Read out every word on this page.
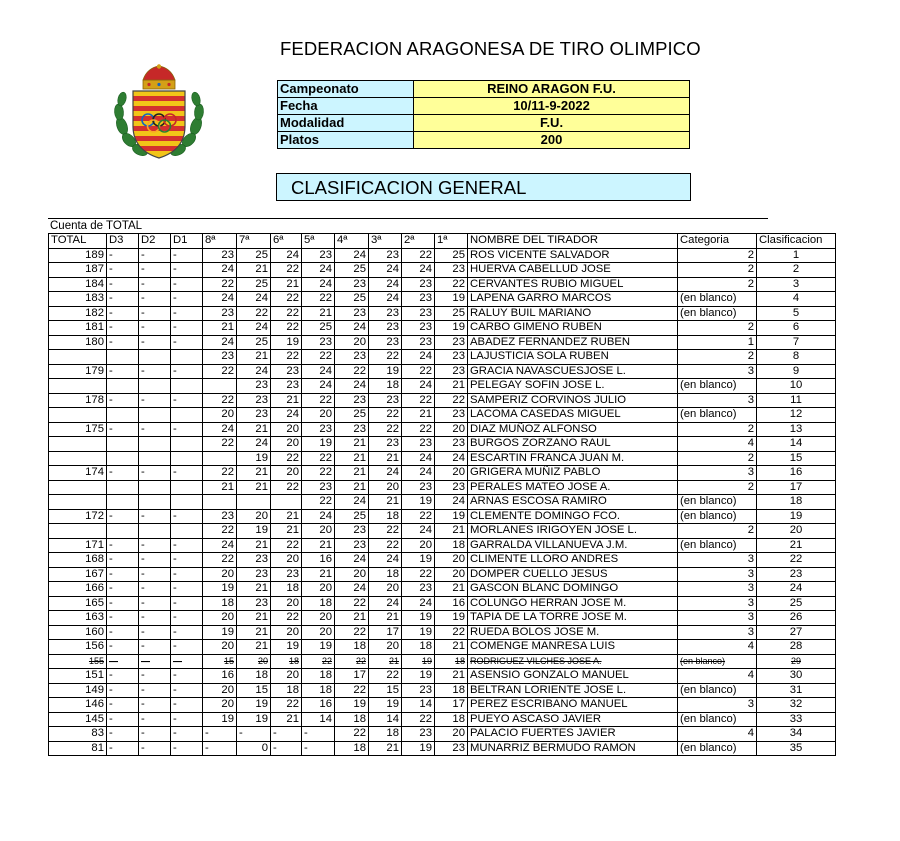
FEDERACION ARAGONESA DE TIRO OLIMPICO
Campeonato	REINO ARAGON F.U.
Fecha	10/11-9-2022
Modalidad	F.U.
Platos	200
CLASIFICACION GENERAL
Cuenta de TOTAL
TOTAL	D3	D2	D1	8ª	7ª	6ª	5ª	4ª	3ª	2ª	1ª	NOMBRE DEL TIRADOR	Categoria	Clasificacion
189	-	-	-	23	25	24	23	24	23	22	25	ROS VICENTE SALVADOR	2	1
187	-	-	-	24	21	22	24	25	24	24	23	HUERVA CABELLUD JOSE	2	2
184	-	-	-	22	25	21	24	23	24	23	22	CERVANTES RUBIO MIGUEL	2	3
183	-	-	-	24	24	22	22	25	24	23	19	LAPENA GARRO MARCOS	(en blanco)	4
182	-	-	-	23	22	22	21	23	23	23	25	RALUY BUIL MARIANO	(en blanco)	5
181	-	-	-	21	24	22	25	24	23	23	19	CARBO GIMENO RUBEN	2	6
180	-	-	-	24	25	19	23	20	23	23	23	ABADEZ FERNANDEZ RUBEN	1	7
				23	21	22	22	23	22	24	23	LAJUSTICIA SOLA RUBEN	2	8
179	-	-	-	22	24	23	24	22	19	22	23	GRACIA NAVASCUESJOSE L.	3	9
					23	23	24	24	18	24	21	PELEGAY SOFIN JOSE L.	(en blanco)	10
178	-	-	-	22	23	21	22	23	23	22	22	SAMPERIZ CORVINOS JULIO	3	11
				20	23	24	20	25	22	21	23	LACOMA CASEDAS MIGUEL	(en blanco)	12
175	-	-	-	24	21	20	23	23	22	22	20	DIAZ MUÑOZ ALFONSO	2	13
				22	24	20	19	21	23	23	23	BURGOS ZORZANO RAUL	4	14
					19	22	22	21	21	24	24	ESCARTIN FRANCA JUAN M.	2	15
174	-	-	-	22	21	20	22	21	24	24	20	GRIGERA MUÑIZ PABLO	3	16
				21	21	22	23	21	20	23	23	PERALES MATEO JOSE A.	2	17
							22	24	21	19	24	ARNAS ESCOSA RAMIRO	(en blanco)	18
172	-	-	-	23	20	21	24	25	18	22	19	CLEMENTE DOMINGO FCO.	(en blanco)	19
				22	19	21	20	23	22	24	21	MORLANES IRIGOYEN JOSE L.	2	20
171	-	-	-	24	21	22	21	23	22	20	18	GARRALDA VILLANUEVA J.M.	(en blanco)	21
168	-	-	-	22	23	20	16	24	24	19	20	CLIMENTE LLORO ANDRES	3	22
167	-	-	-	20	23	23	21	20	18	22	20	DOMPER CUELLO JESUS	3	23
166	-	-	-	19	21	18	20	24	20	23	21	GASCON BLANC DOMINGO	3	24
165	-	-	-	18	23	20	18	22	24	24	16	COLUNGO HERRAN JOSE M.	3	25
163	-	-	-	20	21	22	20	21	21	19	19	TAPIA DE LA TORRE JOSE M.	3	26
160	-	-	-	19	21	20	20	22	17	19	22	RUEDA BOLOS JOSE M.	3	27
156	-	-	-	20	21	19	19	18	20	18	21	COMENGE MANRESA LUIS	4	28
155	—	—	—	15	20	18	22	22	21	19	18	RODRIGUEZ VILCHES JOSE A.	(en blanco)	29
151	-	-	-	16	18	20	18	17	22	19	21	ASENSIO GONZALO MANUEL	4	30
149	-	-	-	20	15	18	18	22	15	23	18	BELTRAN LORIENTE JOSE L.	(en blanco)	31
146	-	-	-	20	19	22	16	19	19	14	17	PEREZ ESCRIBANO MANUEL	3	32
145	-	-	-	19	19	21	14	18	14	22	18	PUEYO ASCASO JAVIER	(en blanco)	33
83	-	-	-	-	-	-	-	22	18	23	20	PALACIO FUERTES JAVIER	4	34
81	-	-	-	-	0	-	-	18	21	19	23	MUNARRIZ BERMUDO RAMON	(en blanco)	35
